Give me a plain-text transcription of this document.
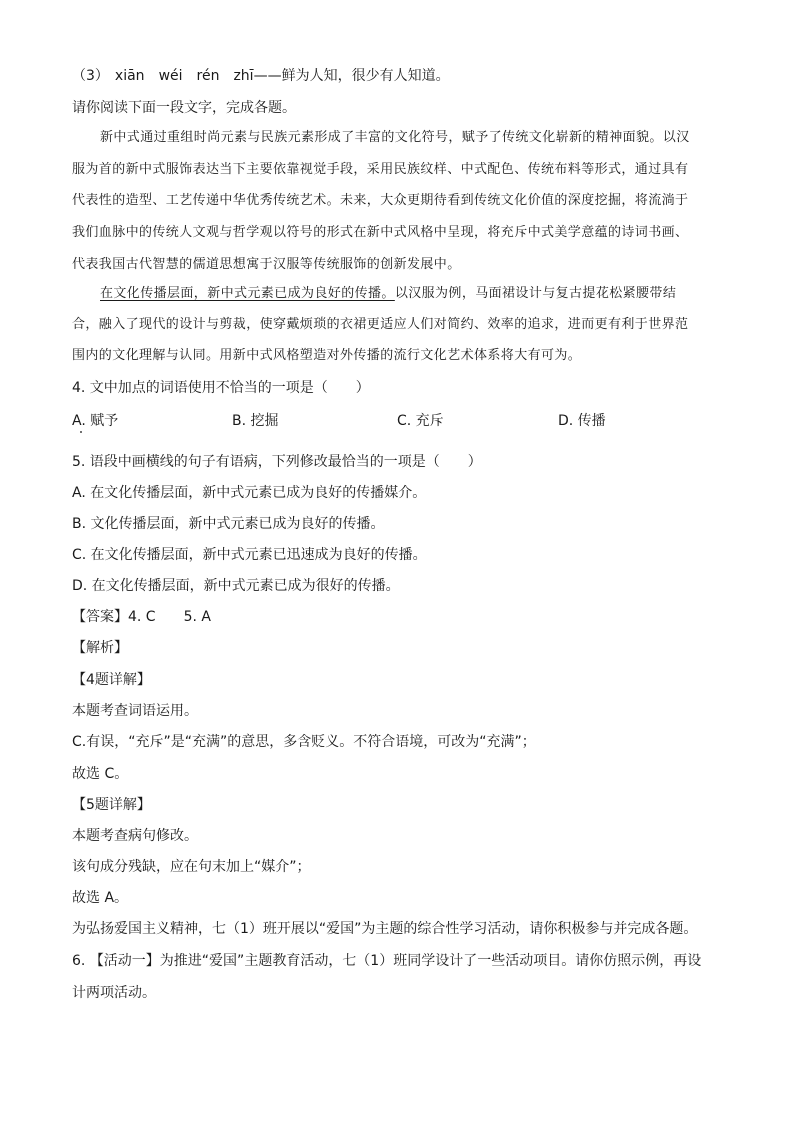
（3） xiān wéi rén zhī——鲜为人知，很少有人知道。
请你阅读下面一段文字，完成各题。
新中式通过重组时尚元素与民族元素形成了丰富的文化符号，赋予了传统文化崭新的精神面貌。以汉
服为首的新中式服饰表达当下主要依靠视觉手段，采用民族纹样、中式配色、传统布料等形式，通过具有
代表性的造型、工艺传递中华优秀传统艺术。未来，大众更期待看到传统文化价值的深度挖掘，将流淌于
我们血脉中的传统人文观与哲学观以符号的形式在新中式风格中呈现，将充斥中式美学意蕴的诗词书画、
代表我国古代智慧的儒道思想寓于汉服等传统服饰的创新发展中。
在文化传播层面，新中式元素已成为良好的传播。以汉服为例，马面裙设计与复古提花松紧腰带结
合，融入了现代的设计与剪裁，使穿戴烦琐的衣裙更适应人们对简约、效率的追求，进而更有利于世界范
围内的文化理解与认同。用新中式风格塑造对外传播的流行文化艺术体系将大有可为。
4. 文中加点的词语使用不恰当的一项是（　　）
A. 赋予	B. 挖掘	C. 充斥	D. 传播
5. 语段中画横线的句子有语病，下列修改最恰当的一项是（　　）
A. 在文化传播层面，新中式元素已成为良好的传播媒介。
B. 文化传播层面，新中式元素已成为良好的传播。
C. 在文化传播层面，新中式元素已迅速成为良好的传播。
D. 在文化传播层面，新中式元素已成为很好的传播。
【答案】4. C 5. A
【解析】
【4题详解】
本题考查词语运用。
C.有误，“充斥”是“充满”的意思，多含贬义。不符合语境，可改为“充满”；
故选 C。
【5题详解】
本题考查病句修改。
该句成分残缺，应在句末加上“媒介”；
故选 A。
为弘扬爱国主义精神，七（1）班开展以“爱国”为主题的综合性学习活动，请你积极参与并完成各题。
6. 【活动一】为推进“爱国”主题教育活动，七（1）班同学设计了一些活动项目。请你仿照示例，再设
计两项活动。
